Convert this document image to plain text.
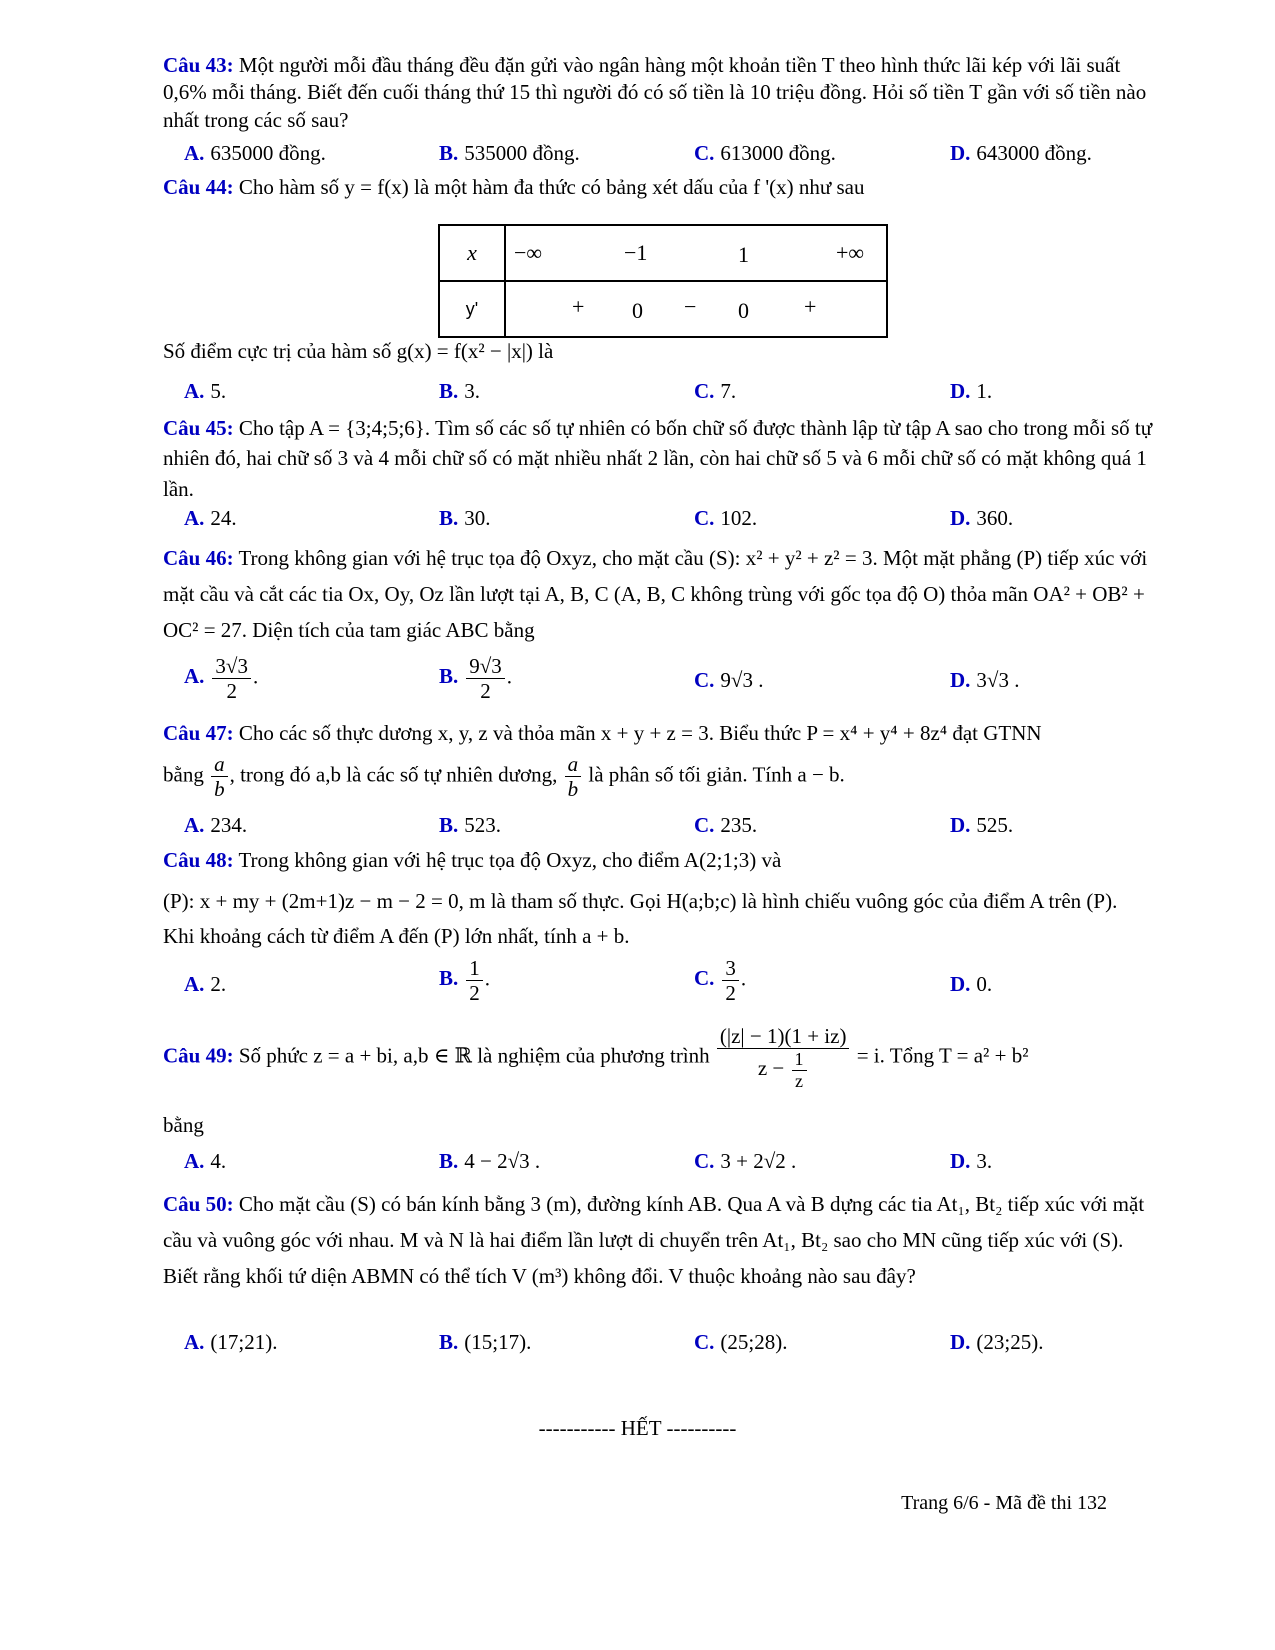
Câu 43: Một người mỗi đầu tháng đều đặn gửi vào ngân hàng một khoản tiền T theo hình thức lãi kép với lãi suất 0,6% mỗi tháng. Biết đến cuối tháng thứ 15 thì người đó có số tiền là 10 triệu đồng. Hỏi số tiền T gần với số tiền nào nhất trong các số sau?
A. 635000 đồng.	B. 535000 đồng.	C. 613000 đồng.	D. 643000 đồng.
Câu 44: Cho hàm số y = f(x) là một hàm đa thức có bảng xét dấu của f '(x) như sau
x	−∞ −1 1 +∞

y'	+ 0 − 0 +
Số điểm cực trị của hàm số g(x) = f(x² − |x|) là
A. 5.	B. 3.	C. 7.	D. 1.
Câu 45: Cho tập A = {3;4;5;6}. Tìm số các số tự nhiên có bốn chữ số được thành lập từ tập A sao cho trong mỗi số tự nhiên đó, hai chữ số 3 và 4 mỗi chữ số có mặt nhiều nhất 2 lần, còn hai chữ số 5 và 6 mỗi chữ số có mặt không quá 1 lần.
A. 24.	B. 30.	C. 102.	D. 360.
Câu 46: Trong không gian với hệ trục tọa độ Oxyz, cho mặt cầu (S): x² + y² + z² = 3. Một mặt phẳng (P) tiếp xúc với mặt cầu và cắt các tia Ox, Oy, Oz lần lượt tại A, B, C (A, B, C không trùng với gốc tọa độ O) thỏa mãn OA² + OB² + OC² = 27. Diện tích của tam giác ABC bằng
A. $\frac{3√3}{2}$ .	B. $\frac{9√3}{2}$ .	C. 9√3 .	D. 3√3 .
Câu 47: Cho các số thực dương x, y, z và thỏa mãn x + y + z = 3. Biểu thức P = x⁴ + y⁴ + 8z⁴ đạt GTNN
bằng $\frac{a}{b}$ , trong đó a,b là các số tự nhiên dương, $\frac{a}{b}$ là phân số tối giản. Tính a − b.
A. 234.	B. 523.	C. 235.	D. 525.
Câu 48: Trong không gian với hệ trục tọa độ Oxyz, cho điểm A(2;1;3) và
(P): x + my + (2m+1)z − m − 2 = 0, m là tham số thực. Gọi H(a;b;c) là hình chiếu vuông góc của điểm A trên (P). Khi khoảng cách từ điểm A đến (P) lớn nhất, tính a + b.
A. 2.	B. $\frac{1}{2}$ .	C. $\frac{3}{2}$ .	D. 0.
Câu 49: Số phức z = a + bi, a,b ∈ ℝ là nghiệm của phương trình $\frac{(|z| - 1)(1 + iz)}{z - \frac{1}{z}} = i$. Tổng T = a² + b²
bằng
A. 4.	B. 4 − 2√3 .	C. 3 + 2√2 .	D. 3.
Câu 50: Cho mặt cầu (S) có bán kính bằng 3 (m), đường kính AB. Qua A và B dựng các tia At₁, Bt₂ tiếp xúc với mặt cầu và vuông góc với nhau. M và N là hai điểm lần lượt di chuyển trên At₁, Bt₂ sao cho MN cũng tiếp xúc với (S). Biết rằng khối tứ diện ABMN có thể tích V (m³) không đổi. V thuộc khoảng nào sau đây?
A. (17;21).	B. (15;17).	C. (25;28).	D. (23;25).
----------- HẾT ----------
Trang 6/6 - Mã đề thi 132
